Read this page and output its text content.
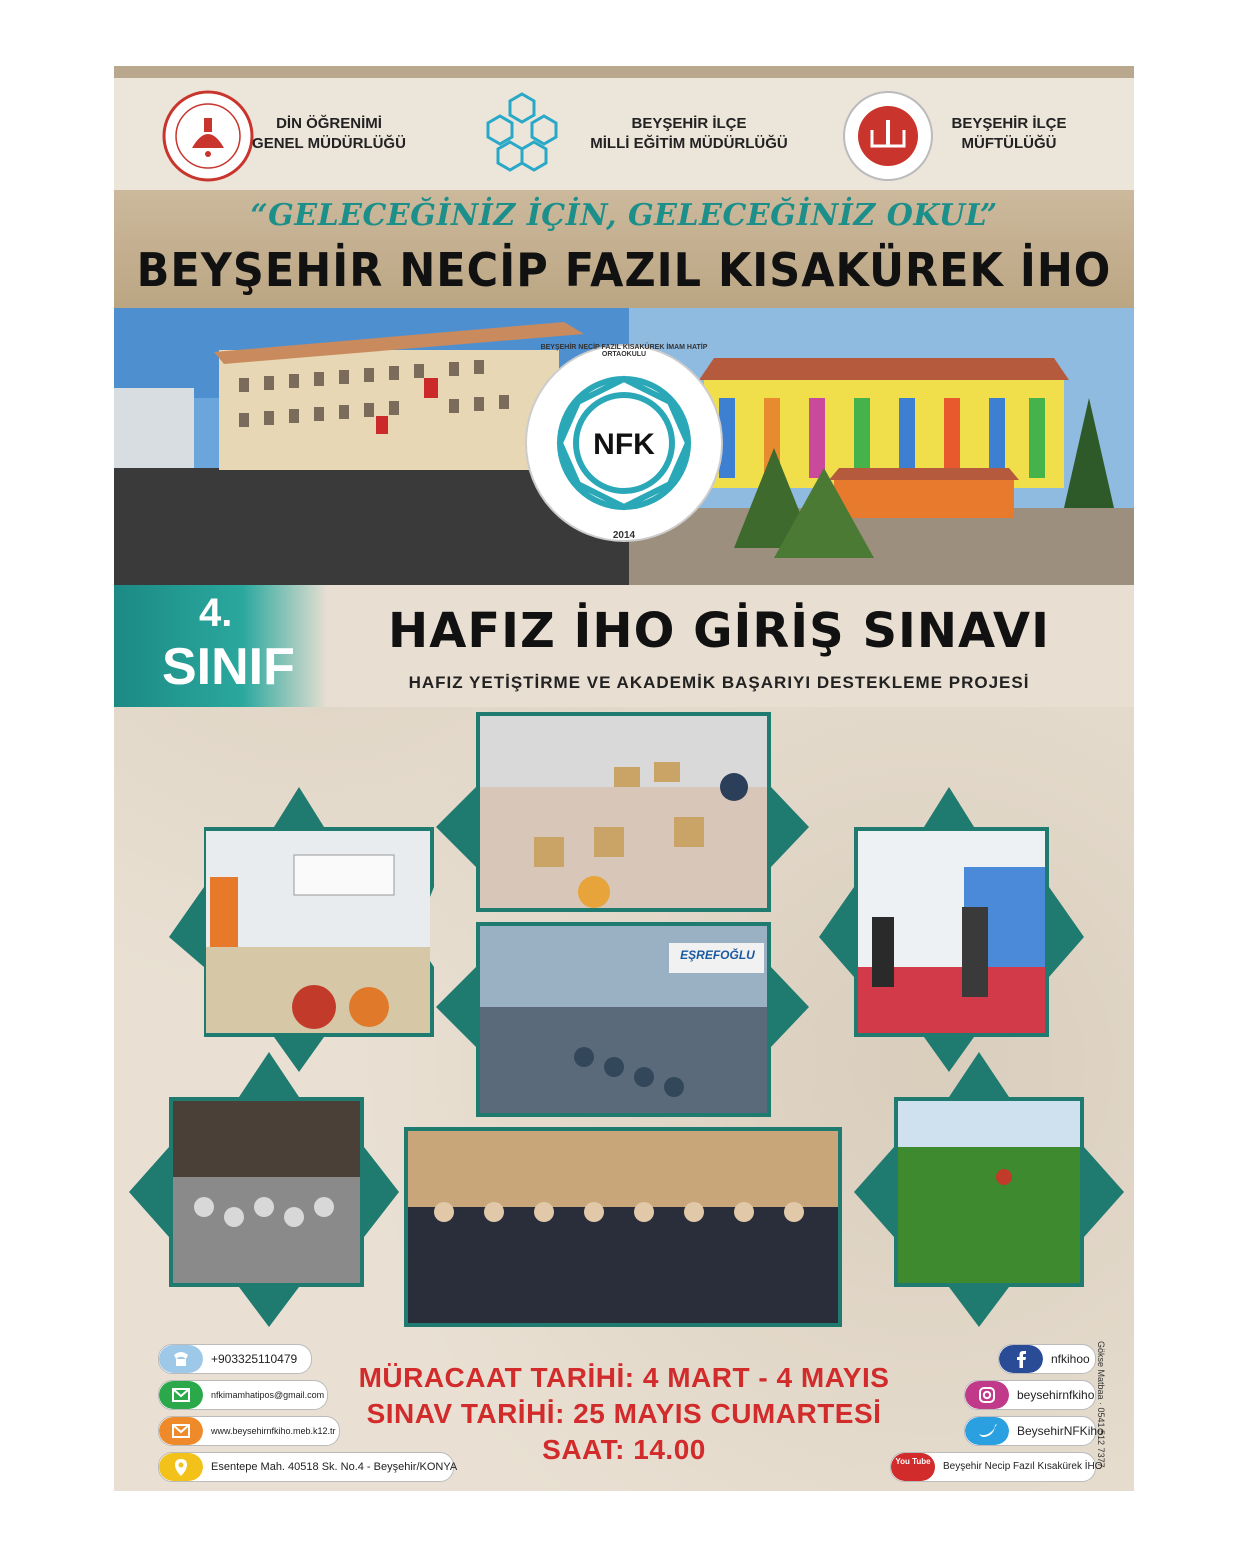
DİN ÖĞRENİMİ
GENEL MÜDÜRLÜĞÜ
BEYŞEHİR İLÇE
MİLLİ EĞİTİM MÜDÜRLÜĞÜ
BEYŞEHİR İLÇE
MÜFTÜLÜĞÜ
“GELECEĞİNİZ İÇİN, GELECEĞİNİZ OKUL”
BEYŞEHİR NECİP FAZIL KISAKÜREK İHO
NFK
2014
BEYŞEHİR NECİP FAZIL KISAKÜREK İMAM HATİP ORTAOKULU
4.
SINIF
HAFIZ İHO GİRİŞ SINAVI
HAFIZ YETİŞTİRME VE AKADEMİK BAŞARIYI DESTEKLEME PROJESİ
EŞREFOĞLU
+903325110479
nfkimamhatipos@gmail.com
www.beysehirnfkiho.meb.k12.tr
Esentepe Mah. 40518 Sk. No.4 - Beyşehir/KONYA
MÜRACAAT TARİHİ: 4 MART - 4 MAYIS
SINAV TARİHİ: 25 MAYIS CUMARTESİ
SAAT: 14.00
nfkihoo
beysehirnfkiho
BeysehirNFKiho
You Tube	Beyşehir Necip Fazıl Kısakürek İHO
Gökse Matbaa · 0541 512 7377
